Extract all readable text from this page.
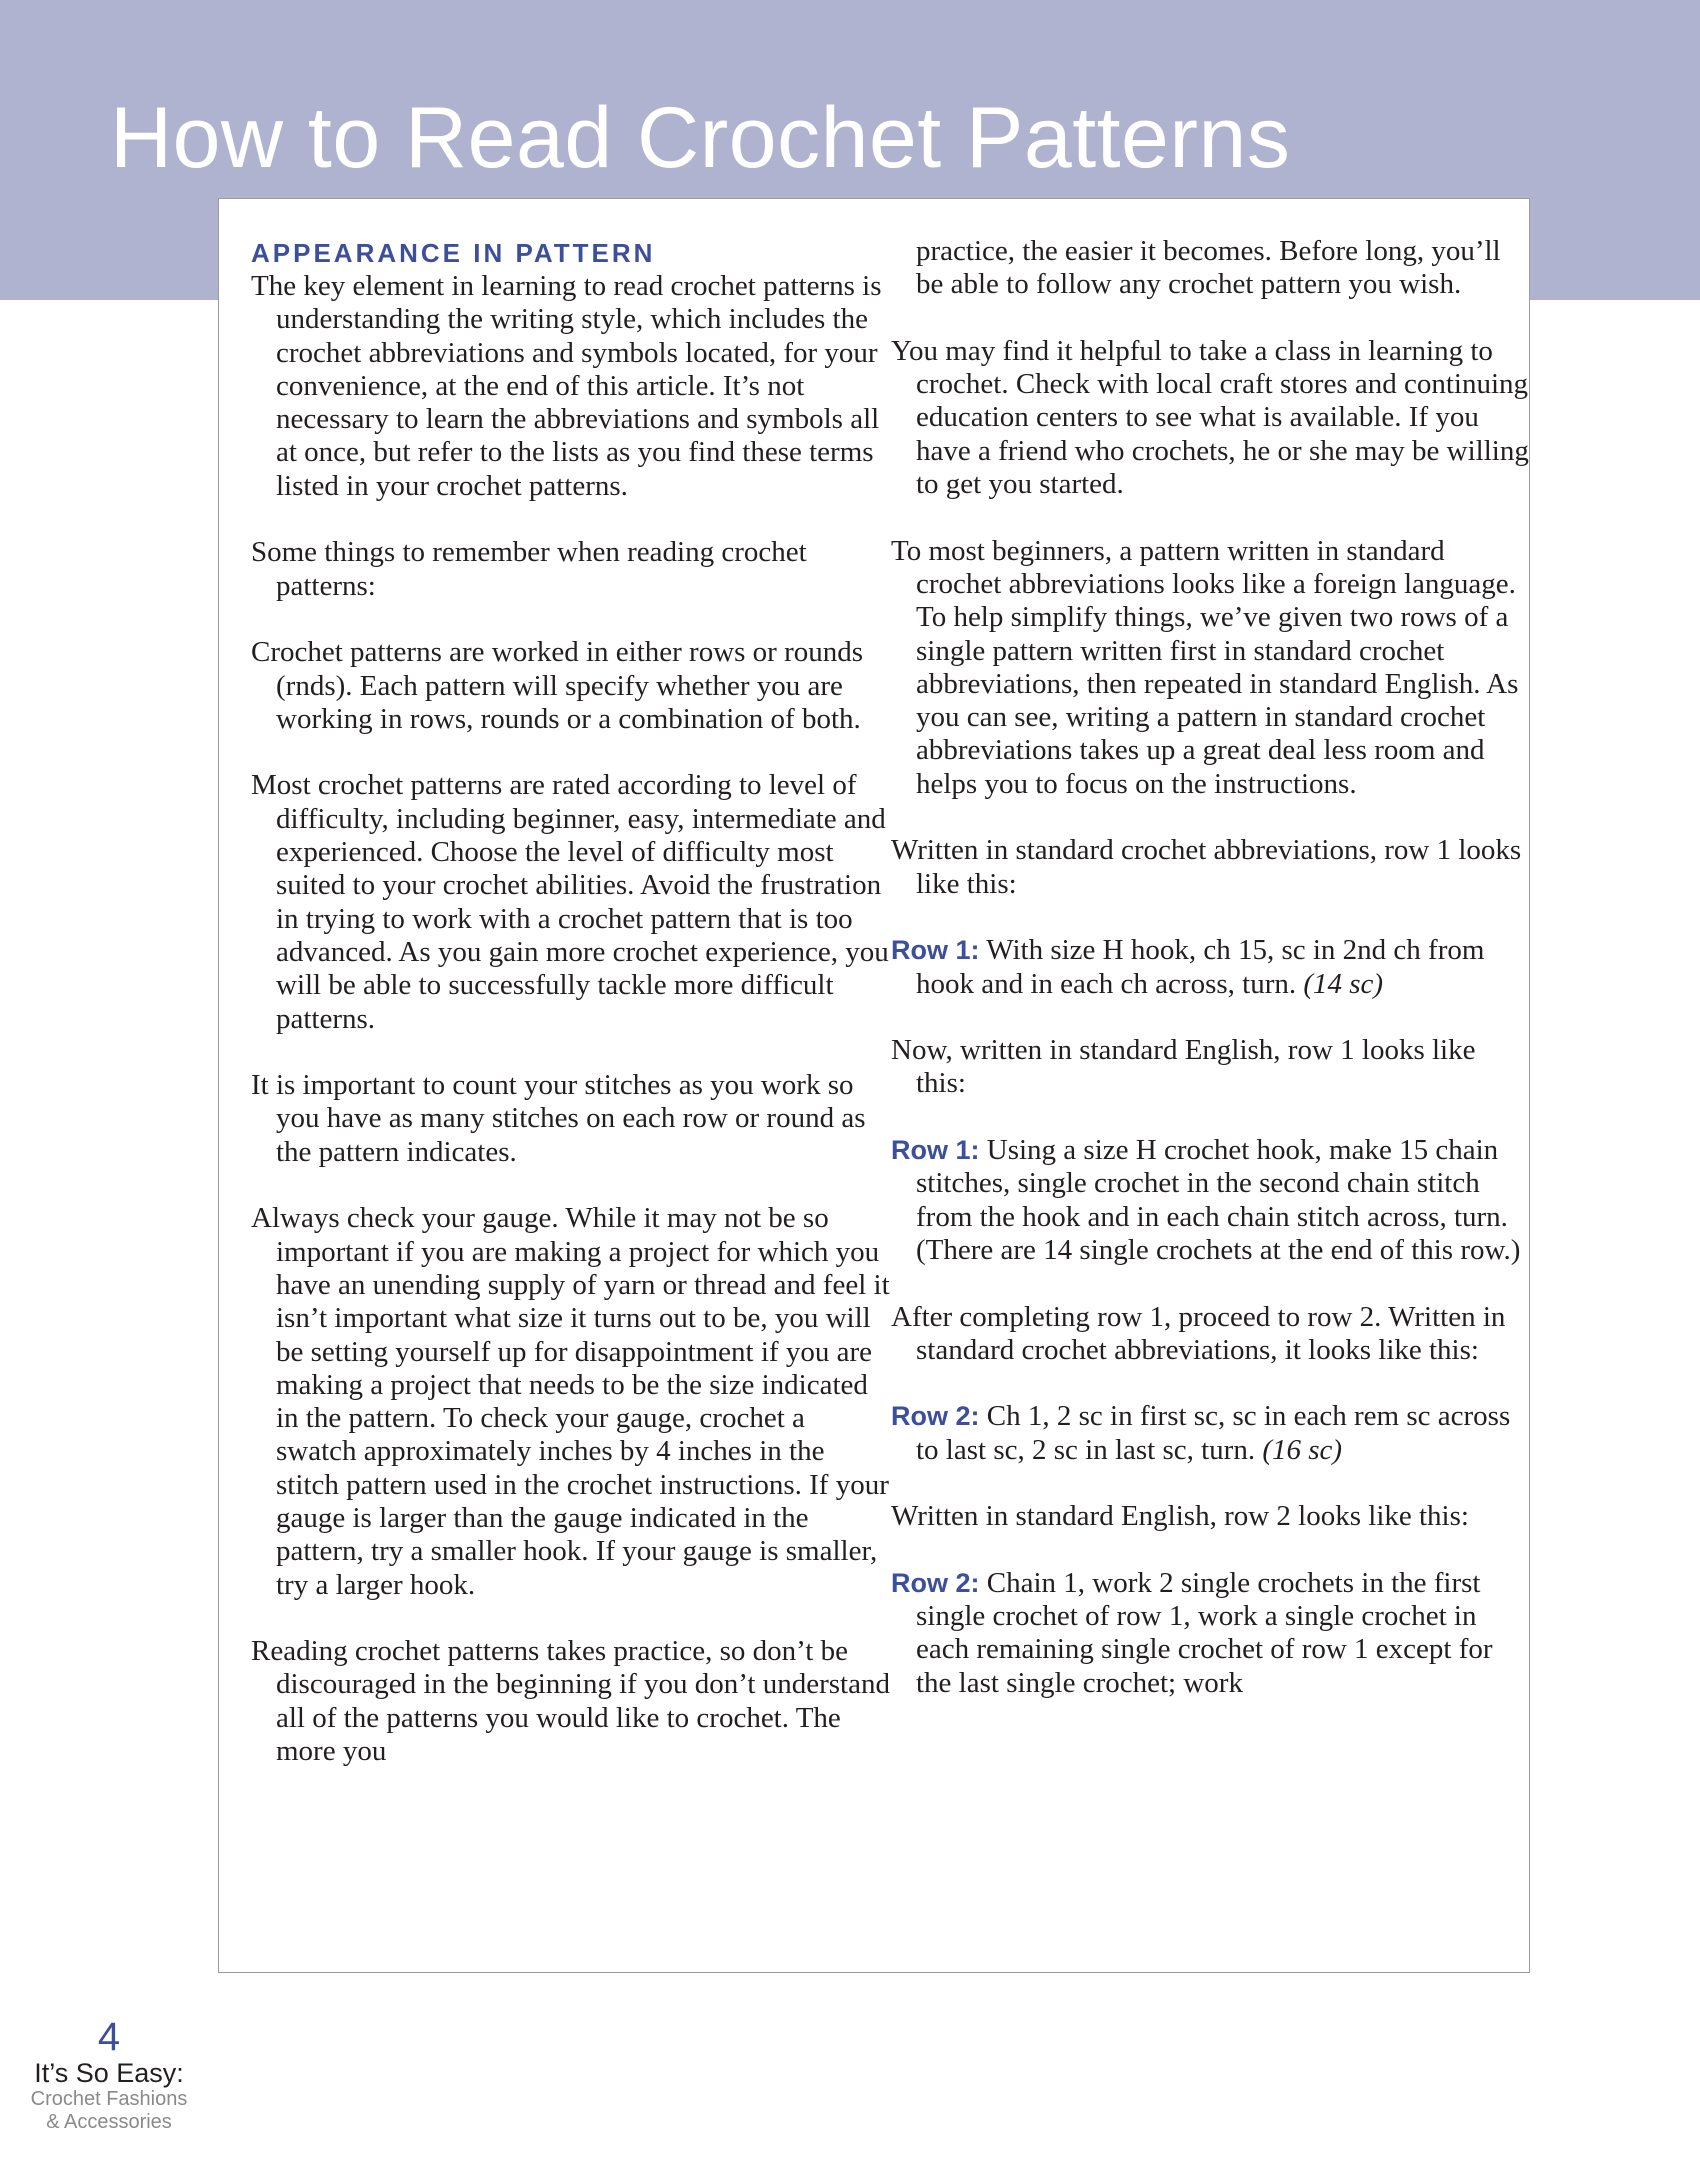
How to Read Crochet Patterns
APPEARANCE IN PATTERN

The key element in learning to read crochet patterns is understanding the writing style, which includes the crochet abbreviations and symbols located, for your convenience, at the end of this article. It’s not necessary to learn the abbreviations and symbols all at once, but refer to the lists as you find these terms listed in your crochet patterns.

Some things to remember when reading crochet patterns:

Crochet patterns are worked in either rows or rounds (rnds). Each pattern will specify whether you are working in rows, rounds or a combination of both.

Most crochet patterns are rated according to level of difficulty, including beginner, easy, intermediate and experienced. Choose the level of difficulty most suited to your crochet abilities. Avoid the frustration in trying to work with a crochet pattern that is too advanced. As you gain more crochet experience, you will be able to successfully tackle more difficult patterns.

It is important to count your stitches as you work so you have as many stitches on each row or round as the pattern indicates.

Always check your gauge. While it may not be so important if you are making a project for which you have an unending supply of yarn or thread and feel it isn’t important what size it turns out to be, you will be setting yourself up for disappointment if you are making a project that needs to be the size indicated in the pattern. To check your gauge, crochet a swatch approximately inches by 4 inches in the stitch pattern used in the crochet instructions. If your gauge is larger than the gauge indicated in the pattern, try a smaller hook. If your gauge is smaller, try a larger hook.

Reading crochet patterns takes practice, so don’t be discouraged in the beginning if you don’t understand all of the patterns you would like to crochet. The more you

practice, the easier it becomes. Before long, you’ll be able to follow any crochet pattern you wish.

You may find it helpful to take a class in learning to crochet. Check with local craft stores and continuing education centers to see what is available. If you have a friend who crochets, he or she may be willing to get you started.

To most beginners, a pattern written in standard crochet abbreviations looks like a foreign language. To help simplify things, we’ve given two rows of a single pattern written first in standard crochet abbreviations, then repeated in standard English. As you can see, writing a pattern in standard crochet abbreviations takes up a great deal less room and helps you to focus on the instructions.

Written in standard crochet abbreviations, row 1 looks like this:

Row 1: With size H hook, ch 15, sc in 2nd ch from hook and in each ch across, turn. (14 sc)

Now, written in standard English, row 1 looks like this:

Row 1: Using a size H crochet hook, make 15 chain stitches, single crochet in the second chain stitch from the hook and in each chain stitch across, turn. (There are 14 single crochets at the end of this row.)

After completing row 1, proceed to row 2. Written in standard crochet abbreviations, it looks like this:

Row 2: Ch 1, 2 sc in first sc, sc in each rem sc across to last sc, 2 sc in last sc, turn. (16 sc)

Written in standard English, row 2 looks like this:

Row 2: Chain 1, work 2 single crochets in the first single crochet of row 1, work a single crochet in each remaining single crochet of row 1 except for the last single crochet; work

4
It’s So Easy:
Crochet Fashions
& Accessories
